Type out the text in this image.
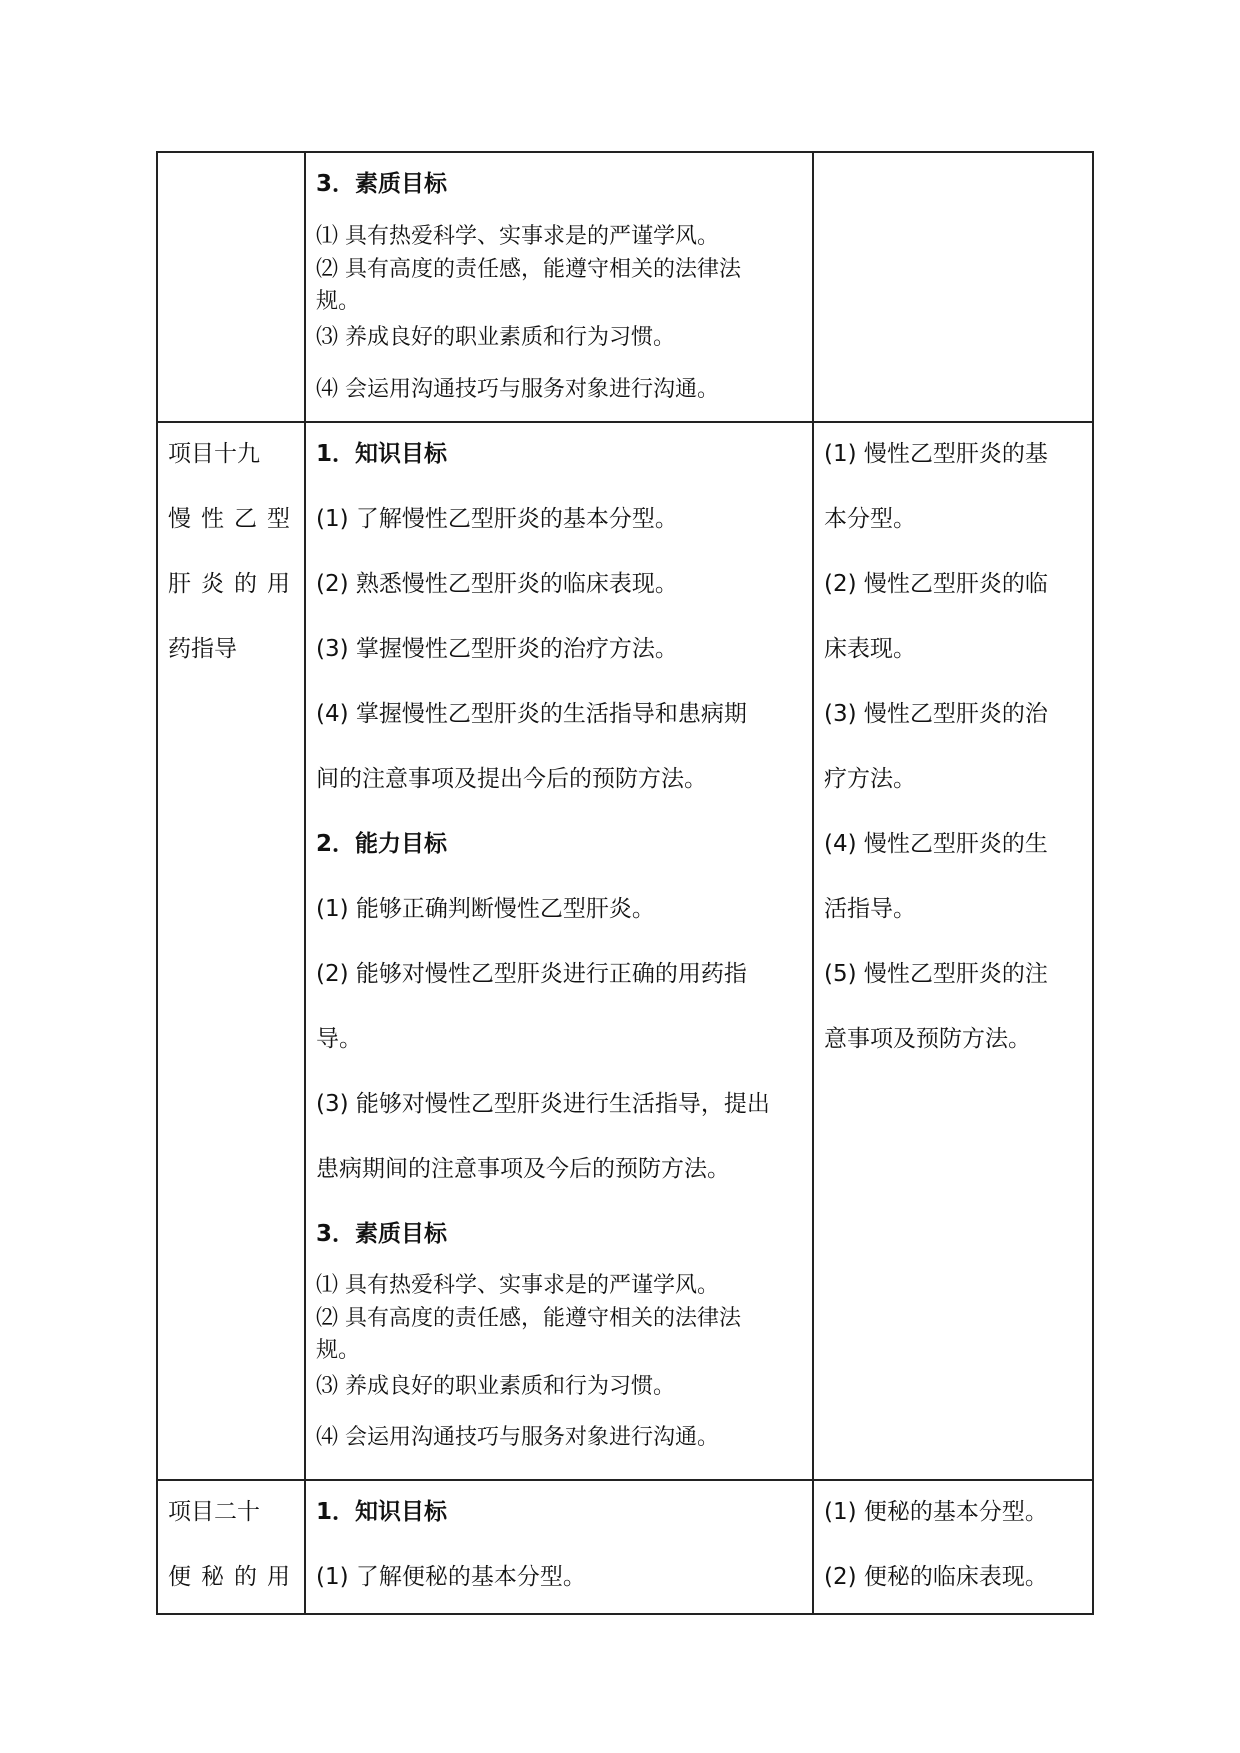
3．素质目标
⑴ 具有热爱科学、实事求是的严谨学风。
⑵ 具有高度的责任感，能遵守相关的法律法
规。
⑶ 养成良好的职业素质和行为习惯。
⑷ 会运用沟通技巧与服务对象进行沟通。
项目十九
慢性乙型
肝炎的用
药指导
1．知识目标
(1) 了解慢性乙型肝炎的基本分型。
(2) 熟悉慢性乙型肝炎的临床表现。
(3) 掌握慢性乙型肝炎的治疗方法。
(4) 掌握慢性乙型肝炎的生活指导和患病期
间的注意事项及提出今后的预防方法。
2．能力目标
(1) 能够正确判断慢性乙型肝炎。
(2) 能够对慢性乙型肝炎进行正确的用药指
导。
(3) 能够对慢性乙型肝炎进行生活指导，提出
患病期间的注意事项及今后的预防方法。
3．素质目标
⑴ 具有热爱科学、实事求是的严谨学风。
⑵ 具有高度的责任感，能遵守相关的法律法
规。
⑶ 养成良好的职业素质和行为习惯。
⑷ 会运用沟通技巧与服务对象进行沟通。
(1) 慢性乙型肝炎的基
本分型。
(2) 慢性乙型肝炎的临
床表现。
(3) 慢性乙型肝炎的治
疗方法。
(4) 慢性乙型肝炎的生
活指导。
(5) 慢性乙型肝炎的注
意事项及预防方法。
项目二十
便秘的用
1．知识目标
(1) 了解便秘的基本分型。
(1) 便秘的基本分型。
(2) 便秘的临床表现。
